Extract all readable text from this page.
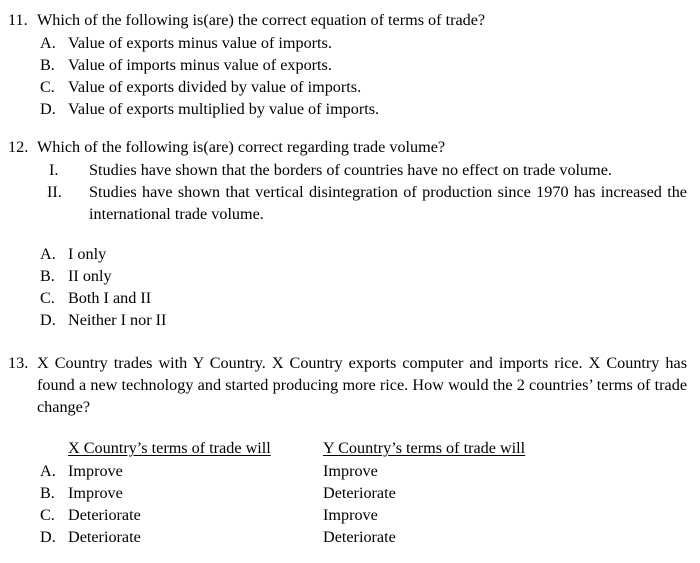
11. Which of the following is(are) the correct equation of terms of trade?
A. Value of exports minus value of imports.
B. Value of imports minus value of exports.
C. Value of exports divided by value of imports.
D. Value of exports multiplied by value of imports.
12. Which of the following is(are) correct regarding trade volume?
I. Studies have shown that the borders of countries have no effect on trade volume.
II. Studies have shown that vertical disintegration of production since 1970 has increased the international trade volume.
A. I only
B. II only
C. Both I and II
D. Neither I nor II
13. X Country trades with Y Country. X Country exports computer and imports rice. X Country has found a new technology and started producing more rice. How would the 2 countries’ terms of trade change?
X Country’s terms of trade will	Y Country’s terms of trade will
A. Improve	Improve
B. Improve	Deteriorate
C. Deteriorate	Improve
D. Deteriorate	Deteriorate
